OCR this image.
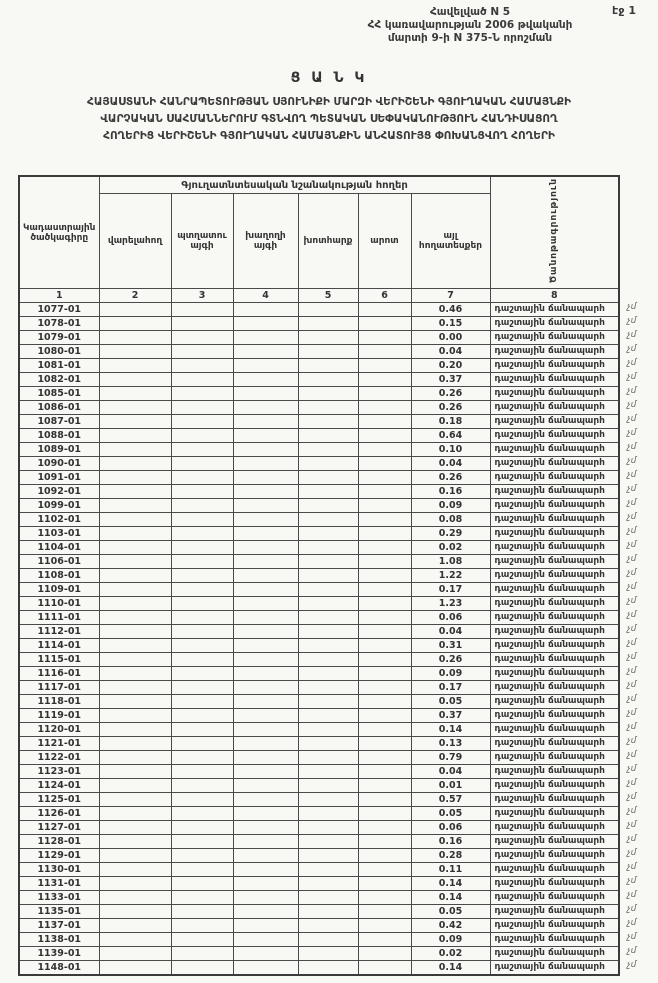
էջ 1
Հավելված N 5
ՀՀ կառավարության 2006 թվականի
մարտի 9-ի N 375-Ն որոշման
Ց Ա Ն Կ
ՀԱՅԱՍՏԱՆԻ ՀԱՆՐԱՊԵՏՈՒԹՅԱՆ ՍՅՈՒՆԻՔԻ ՄԱՐԶԻ ՎԵՐԻՇԵՆԻ ԳՅՈՒՂԱԿԱՆ ՀԱՄԱՅՆՔԻ
ՎԱՐՉԱԿԱՆ ՍԱՀՄԱՆՆԵՐՈՒՄ ԳՏՆՎՈՂ ՊԵՏԱԿԱՆ ՍԵՓԱԿԱՆՈՒԹՅՈՒՆ ՀԱՆԴԻՍԱՑՈՂ
ՀՈՂԵՐԻՑ ՎԵՐԻՇԵՆԻ ԳՅՈՒՂԱԿԱՆ ՀԱՄԱՅՆՔԻՆ ԱՆՀԱՏՈՒՅՑ ՓՈԽԱՆՑՎՈՂ ՀՈՂԵՐԻ
Կադաստրային ծածկագիրը	Գյուղատնտեսական նշանակության հողեր						Ծանոթագրություն
	վարելահող	պտղատու այգի	խաղողի այգի	խոտհարք	արոտ	այլ հողատեսքեր	
1	2	3	4	5	6	7	8
1077-01						0.46	դաշտային ճանապարհ
1078-01						0.15	դաշտային ճանապարհ
1079-01						0.00	դաշտային ճանապարհ
1080-01						0.04	դաշտային ճանապարհ
1081-01						0.20	դաշտային ճանապարհ
1082-01						0.37	դաշտային ճանապարհ
1085-01						0.26	դաշտային ճանապարհ
1086-01						0.26	դաշտային ճանապարհ
1087-01						0.18	դաշտային ճանապարհ
1088-01						0.64	դաշտային ճանապարհ
1089-01						0.10	դաշտային ճանապարհ
1090-01						0.04	դաշտային ճանապարհ
1091-01						0.26	դաշտային ճանապարհ
1092-01						0.16	դաշտային ճանապարհ
1099-01						0.09	դաշտային ճանապարհ
1102-01						0.08	դաշտային ճանապարհ
1103-01						0.29	դաշտային ճանապարհ
1104-01						0.02	դաշտային ճանապարհ
1106-01						1.08	դաշտային ճանապարհ
1108-01						1.22	դաշտային ճանապարհ
1109-01						0.17	դաշտային ճանապարհ
1110-01						1.23	դաշտային ճանապարհ
1111-01						0.06	դաշտային ճանապարհ
1112-01						0.04	դաշտային ճանապարհ
1114-01						0.31	դաշտային ճանապարհ
1115-01						0.26	դաշտային ճանապարհ
1116-01						0.09	դաշտային ճանապարհ
1117-01						0.17	դաշտային ճանապարհ
1118-01						0.05	դաշտային ճանապարհ
1119-01						0.37	դաշտային ճանապարհ
1120-01						0.14	դաշտային ճանապարհ
1121-01						0.13	դաշտային ճանապարհ
1122-01						0.79	դաշտային ճանապարհ
1123-01						0.04	դաշտային ճանապարհ
1124-01						0.01	դաշտային ճանապարհ
1125-01						0.57	դաշտային ճանապարհ
1126-01						0.05	դաշտային ճանապարհ
1127-01						0.06	դաշտային ճանապարհ
1128-01						0.16	դաշտային ճանապարհ
1129-01						0.28	դաշտային ճանապարհ
1130-01						0.11	դաշտային ճանապարհ
1131-01						0.14	դաշտային ճանապարհ
1133-01						0.14	դաշտային ճանապարհ
1135-01						0.05	դաշտային ճանապարհ
1137-01						0.42	դաշտային ճանապարհ
1138-01						0.09	դաշտային ճանապարհ
1139-01						0.02	դաշտային ճանապարհ
1148-01						0.14	դաշտային ճանապարհ
չմ
չմ
չմ
չմ
չմ
չմ
չմ
չմ
չմ
չմ
չմ
չմ
չմ
չմ
չմ
չմ
չմ
չմ
չմ
չմ
չմ
չմ
չմ
չմ
չմ
չմ
չմ
չմ
չմ
չմ
չմ
չմ
չմ
չմ
չմ
չմ
չմ
չմ
չմ
չմ
չմ
չմ
չմ
չմ
չմ
չմ
չմ
չմ
